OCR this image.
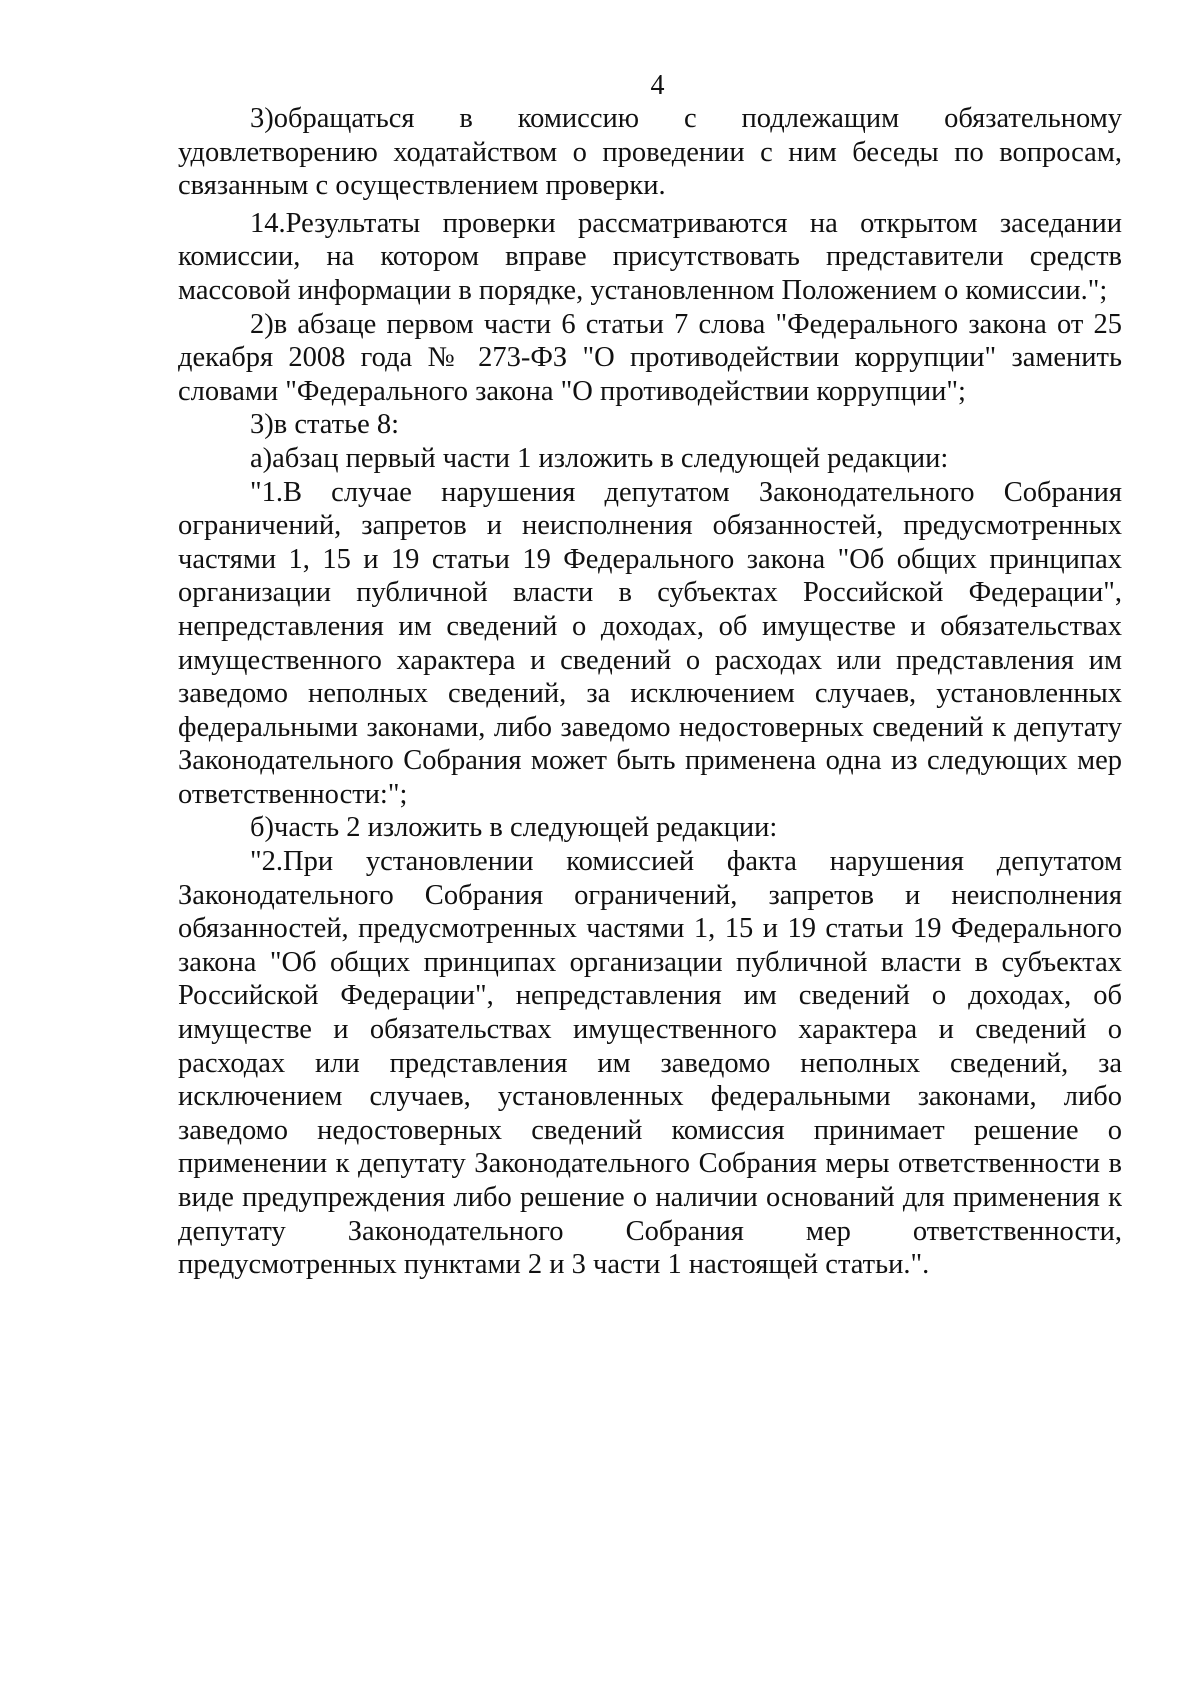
4

3)обращаться в комиссию с подлежащим обязательному удовлетворению ходатайством о проведении с ним беседы по вопросам, связанным с осуществлением проверки.

14.Результаты проверки рассматриваются на открытом заседании комиссии, на котором вправе присутствовать представители средств массовой информации в порядке, установленном Положением о комиссии.";

2)в абзаце первом части 6 статьи 7 слова "Федерального закона от 25 декабря 2008 года № 273-ФЗ "О противодействии коррупции" заменить словами "Федерального закона "О противодействии коррупции";

3)в статье 8:

а)абзац первый части 1 изложить в следующей редакции:

"1.В случае нарушения депутатом Законодательного Собрания ограничений, запретов и неисполнения обязанностей, предусмотренных частями 1, 15 и 19 статьи 19 Федерального закона "Об общих принципах организации публичной власти в субъектах Российской Федерации", непредставления им сведений о доходах, об имуществе и обязательствах имущественного характера и сведений о расходах или представления им заведомо неполных сведений, за исключением случаев, установленных федеральными законами, либо заведомо недостоверных сведений к депутату Законодательного Собрания может быть применена одна из следующих мер ответственности:";

б)часть 2 изложить в следующей редакции:

"2.При установлении комиссией факта нарушения депутатом Законодательного Собрания ограничений, запретов и неисполнения обязанностей, предусмотренных частями 1, 15 и 19 статьи 19 Федерального закона "Об общих принципах организации публичной власти в субъектах Российской Федерации", непредставления им сведений о доходах, об имуществе и обязательствах имущественного характера и сведений о расходах или представления им заведомо неполных сведений, за исключением случаев, установленных федеральными законами, либо заведомо недостоверных сведений комиссия принимает решение о применении к депутату Законодательного Собрания меры ответственности в виде предупреждения либо решение о наличии оснований для применения к депутату Законодательного Собрания мер ответственности, предусмотренных пунктами 2 и 3 части 1 настоящей статьи.".
